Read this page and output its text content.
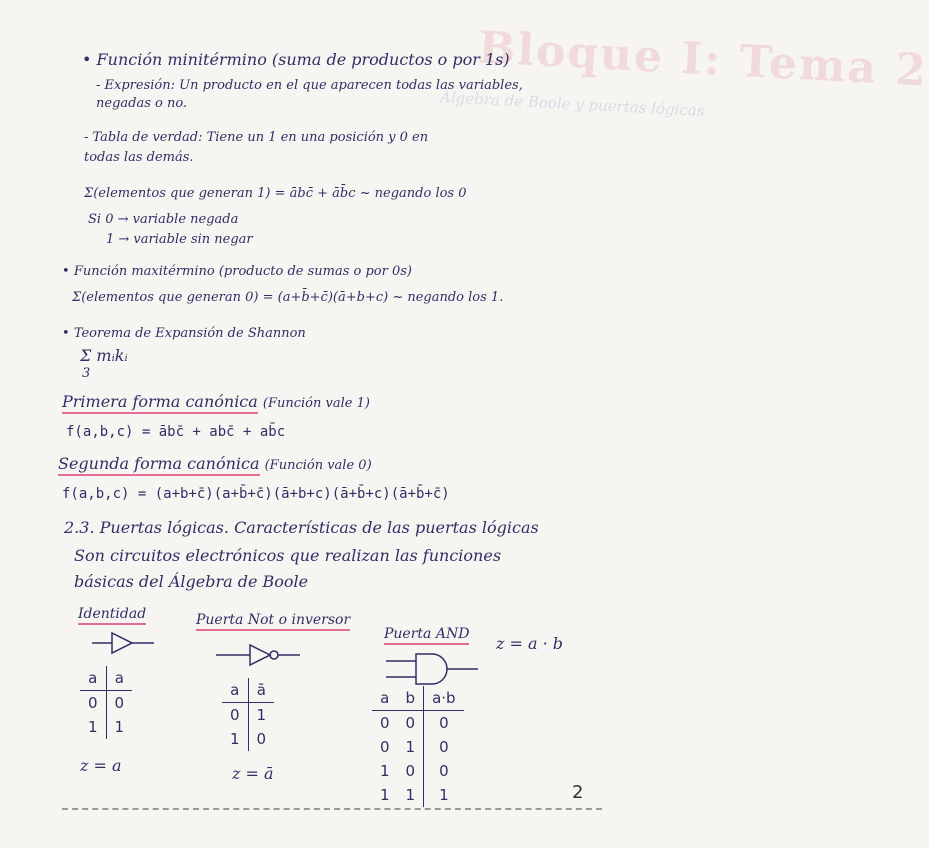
Bloque I: Tema 2
Álgebra de Boole y puertas lógicas
• Función minitérmino (suma de productos o por 1s)
- Expresión: Un producto en el que aparecen todas las variables,
negadas o no.
- Tabla de verdad: Tiene un 1 en una posición y 0 en
todas las demás.
Σ(elementos que generan 1) = ābc̄ + āb̄c ~ negando los 0
Si 0 → variable negada
1 → variable sin negar
• Función maxitérmino (producto de sumas o por 0s)
Σ(elementos que generan 0) = (a+b̄+c̄)(ā+b+c) ~ negando los 1.
• Teorema de Expansión de Shannon
Σ mᵢkᵢ
3
Primera forma canónica (Función vale 1)
f(a,b,c) = ābc̄ + abc̄ + ab̄c
Segunda forma canónica (Función vale 0)
f(a,b,c) = (a+b+c̄)(a+b̄+c̄)(ā+b+c)(ā+b̄+c)(ā+b̄+c̄)
2.3. Puertas lógicas. Características de las puertas lógicas
Son circuitos electrónicos que realizan las funciones
básicas del Álgebra de Boole
Identidad
a	a
0	0
1	1
z = a
Puerta Not o inversor
a	ā
0	1
1	0
z = ā
Puerta AND z = a · b
a	b	a·b
0	0	0
0	1	0
1	0	0
1	1	1	2
